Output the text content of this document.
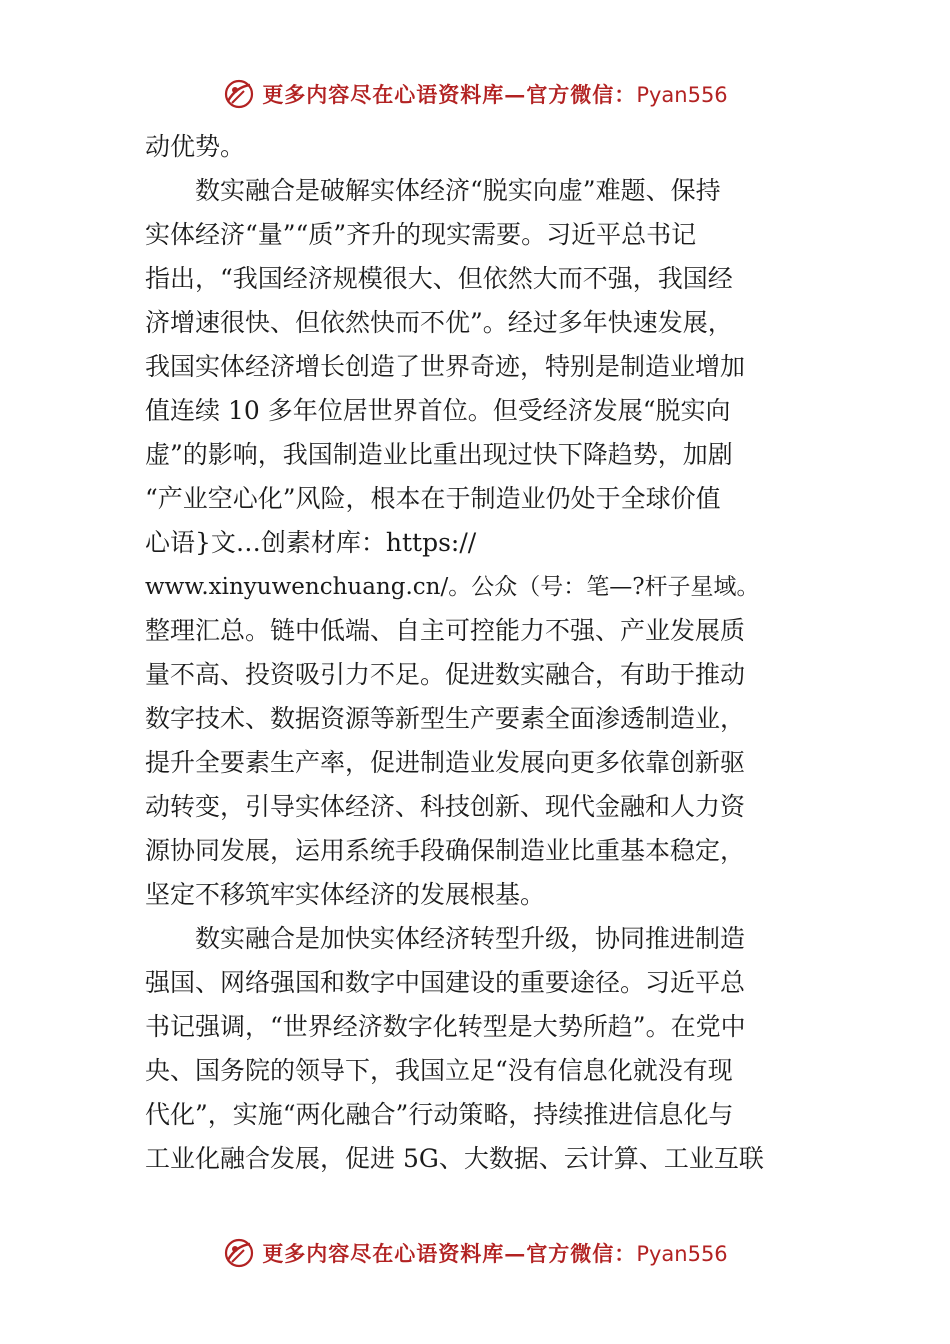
更多内容尽在心语资料库—官方微信：Pyan556
动优势。
数实融合是破解实体经济“脱实向虚”难题、保持
实体经济“量”“质”齐升的现实需要。习近平总书记
指出，“我国经济规模很大、但依然大而不强，我国经
济增速很快、但依然快而不优”。经过多年快速发展，
我国实体经济增长创造了世界奇迹，特别是制造业增加
值连续 10 多年位居世界首位。但受经济发展“脱实向
虚”的影响，我国制造业比重出现过快下降趋势，加剧
“产业空心化”风险，根本在于制造业仍处于全球价值
心语}文…创素材库：https://
www.xinyuwenchuang.cn/。公众（号：笔—?杆子星域。
整理汇总。链中低端、自主可控能力不强、产业发展质
量不高、投资吸引力不足。促进数实融合，有助于推动
数字技术、数据资源等新型生产要素全面渗透制造业，
提升全要素生产率，促进制造业发展向更多依靠创新驱
动转变，引导实体经济、科技创新、现代金融和人力资
源协同发展，运用系统手段确保制造业比重基本稳定，
坚定不移筑牢实体经济的发展根基。
数实融合是加快实体经济转型升级，协同推进制造
强国、网络强国和数字中国建设的重要途径。习近平总
书记强调，“世界经济数字化转型是大势所趋”。在党中
央、国务院的领导下，我国立足“没有信息化就没有现
代化”，实施“两化融合”行动策略，持续推进信息化与
工业化融合发展，促进 5G、大数据、云计算、工业互联
更多内容尽在心语资料库—官方微信：Pyan556
